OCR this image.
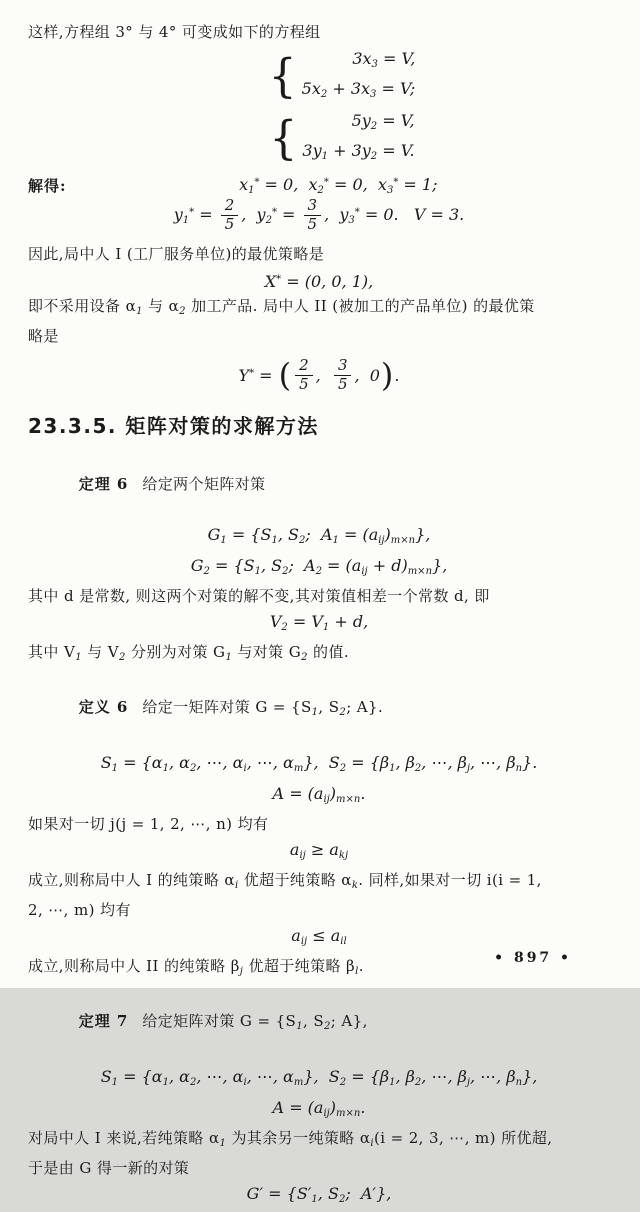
这样,方程组 3° 与 4° 可变成如下的方程组
{	$3x_3 = V$,
$5x_2 + 3x_3 = V$;
{	$5y_2 = V$,
$3y_1 + 3y_2 = V$.
解得:	$x_1^* = 0$,  $x_2^* = 0$,  $x_3^* = 1$;
$y_1^* = \frac{2}{5}$ ,  $y_2^* = \frac{3}{5}$ ,  $y_3^* = 0$.   V = 3.
因此,局中人 I (工厂服务单位)的最优策略是
X* = (0, 0, 1),
即不采用设备 $\alpha_1$ 与 $\alpha_2$ 加工产品. 局中人 II (被加工的产品单位) 的最优策
略是
Y* = ( $\frac{2}{5}$ , $\frac{3}{5}$ ,  0 ) .
23.3.5. 矩阵对策的求解方法

定理 6 给定两个矩阵对策

$G_1 = \{S_1$, $S_2$;  $A_1 = (a_{ij})_{m\times n}$},
$G_2 = \{S_1$, $S_2$;  $A_2 = (a_{ij} + d)_{m\times n}$},
其中 d 是常数, 则这两个对策的解不变,其对策值相差一个常数 d, 即
$V_2 = V_1 + d$,
其中 $V_1$ 与 $V_2$ 分别为对策 $G_1$ 与对策 $G_2$ 的值.

定义 6 给定一矩阵对策 $G = \{S_1$, $S_2$; A}.

$S_1 = \{\alpha_1$, $\alpha_2$, ⋯, $\alpha_i$, ⋯, $\alpha_m$},  $S_2 = \{\beta_1$, $\beta_2$, ⋯, $\beta_j$, ⋯, $\beta_n$}.
$A = (a_{ij})_{m\times n}$.
如果对一切 j(j = 1, 2, ⋯, n) 均有
$a_{ij} \ge a_{kj}$
成立,则称局中人 I 的纯策略 $\alpha_i$ 优超于纯策略 $\alpha_k$. 同样,如果对一切 i(i = 1,
2, ⋯, m) 均有
$a_{ij} \le a_{il}$
成立,则称局中人 II 的纯策略 $\beta_j$ 优超于纯策略 $\beta_l$.

定理 7 给定矩阵对策 $G = \{S_1$, $S_2$; A},

$S_1 = \{\alpha_1$, $\alpha_2$, ⋯, $\alpha_i$, ⋯, $\alpha_m$},  $S_2 = \{\beta_1$, $\beta_2$, ⋯, $\beta_j$, ⋯, $\beta_n$},
$A = (a_{ij})_{m\times n}$.
对局中人 I 来说,若纯策略 $\alpha_1$ 为其余另一纯策略 $\alpha_i(i = 2$, 3, ⋯, m) 所优超,
于是由 G 得一新的对策
$G' = \{S'_1$, $S_2$;  A′},
• 897 •
